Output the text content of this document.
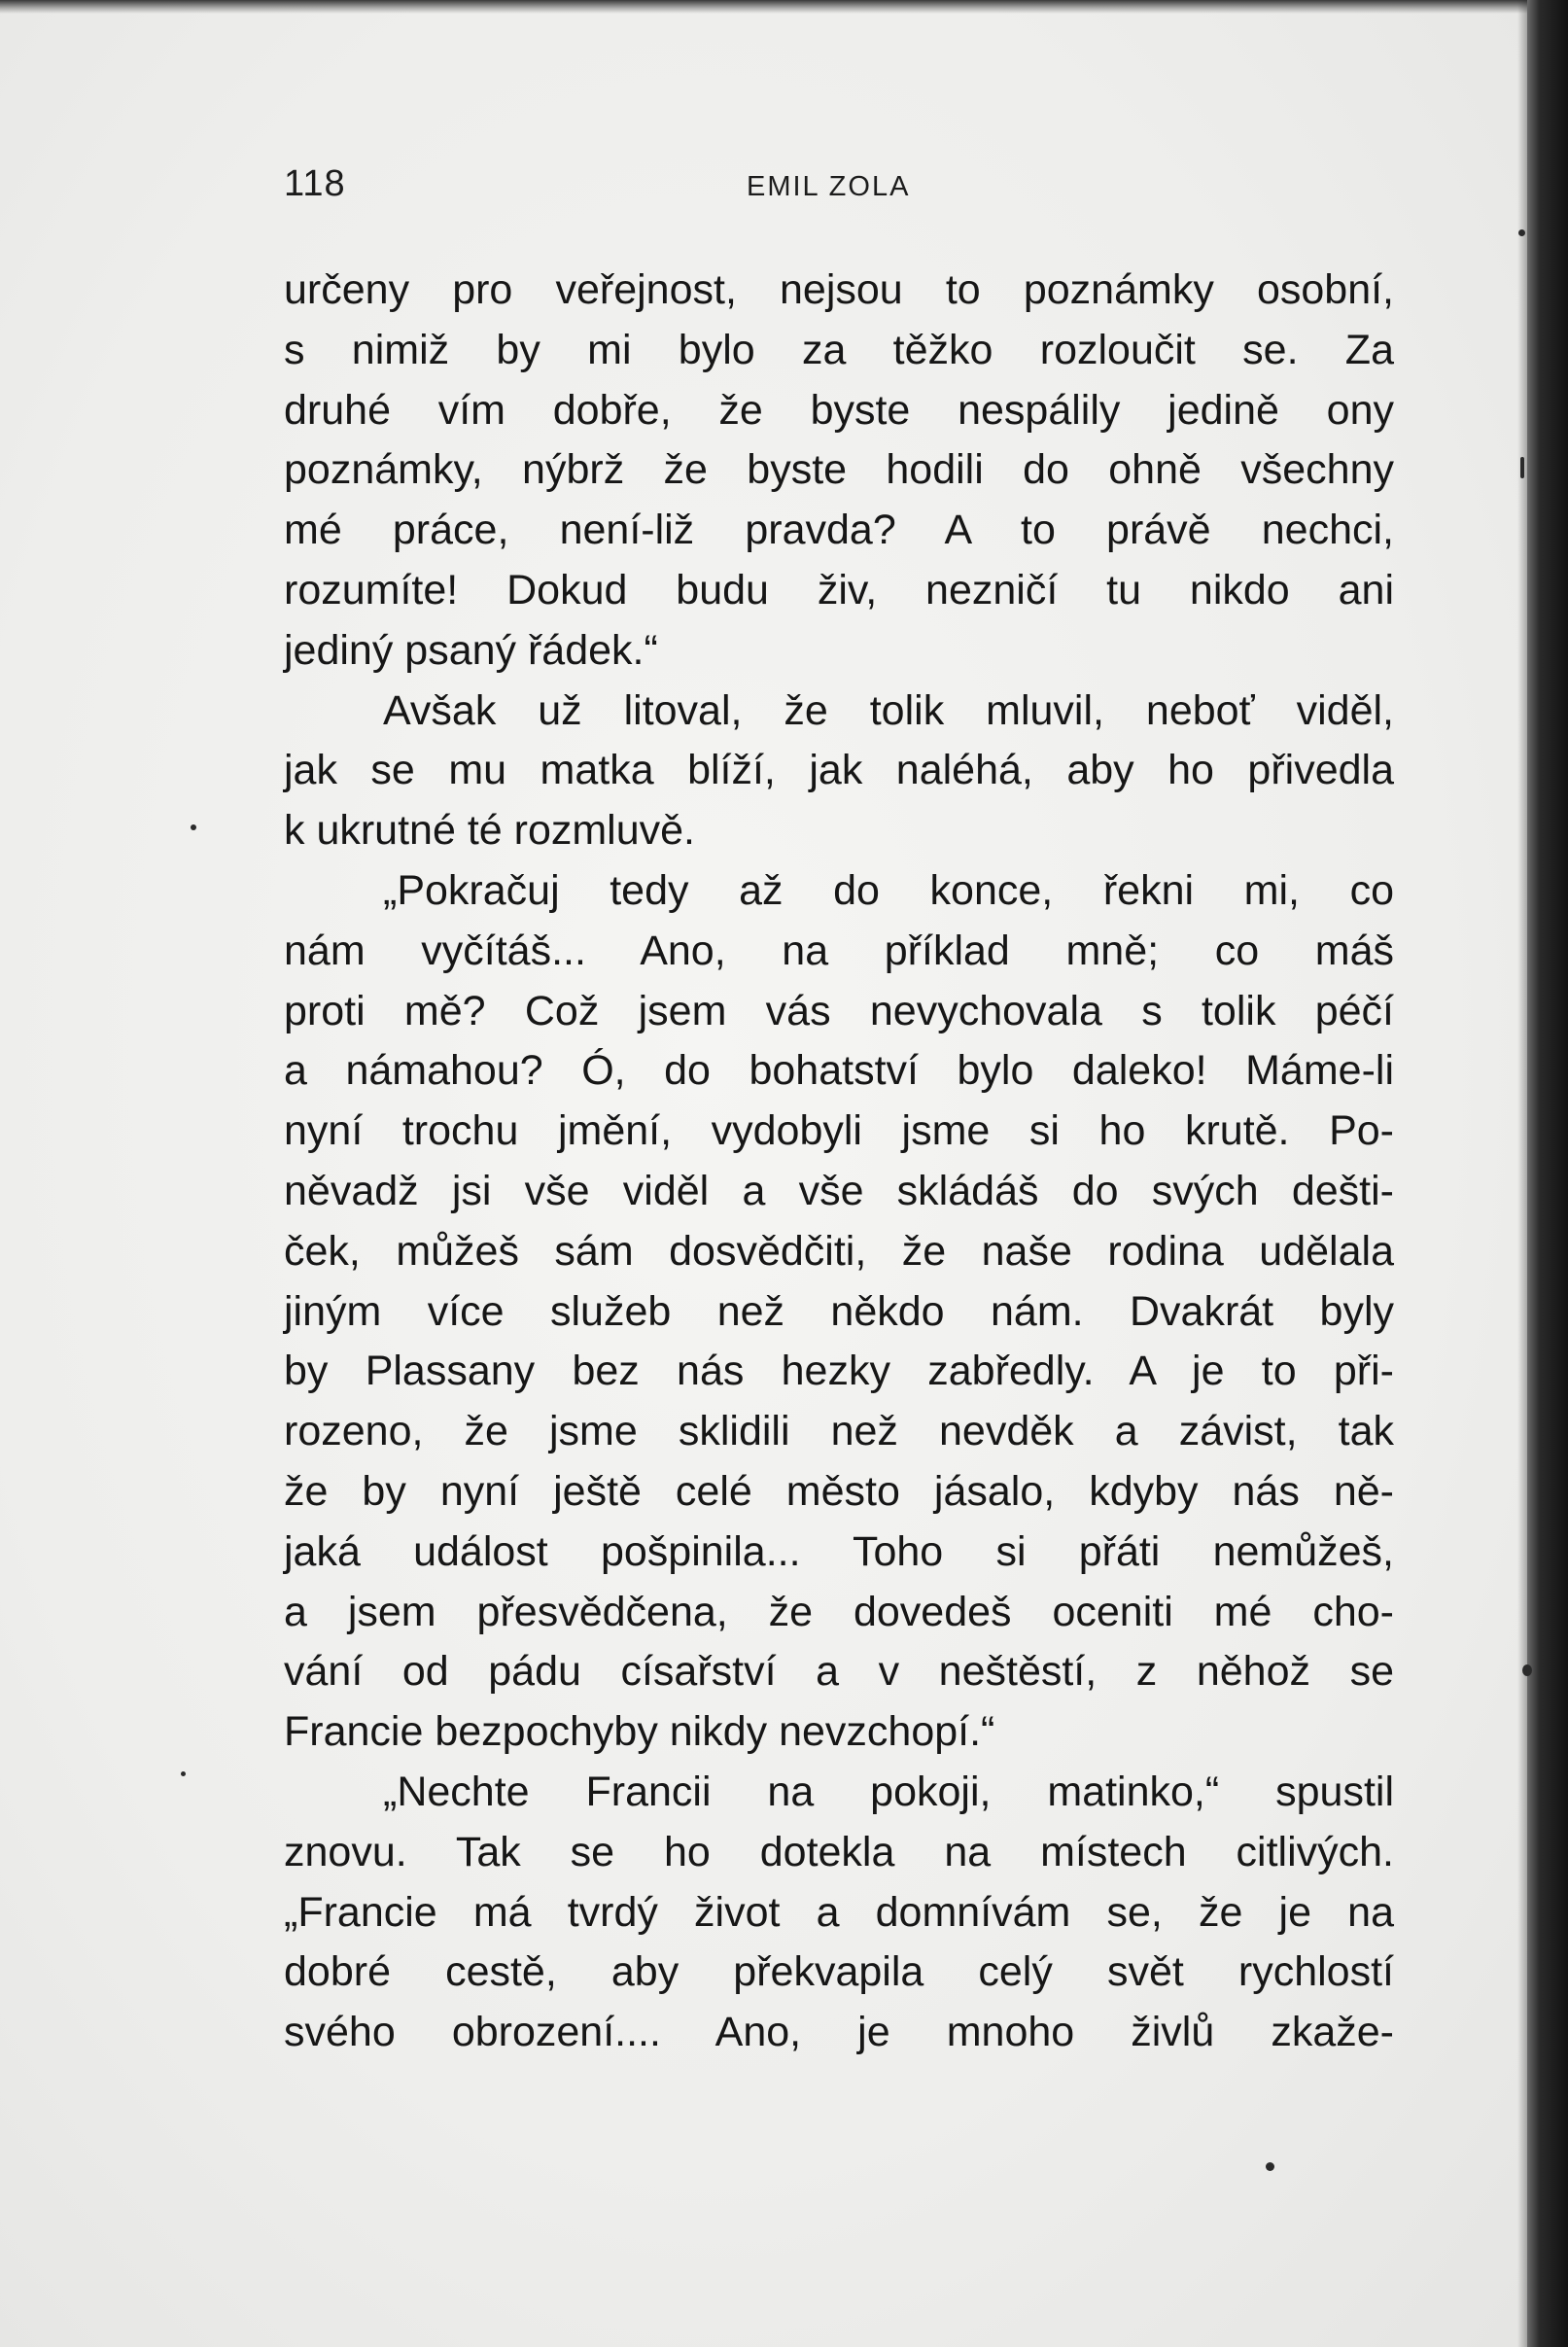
118	EMIL ZOLA
určeny pro veřejnost, nejsou to poznámky osobní,
s nimiž by mi bylo za těžko rozloučit se. Za
druhé vím dobře, že byste nespálily jedině ony
poznámky, nýbrž že byste hodili do ohně všechny
mé práce, není-liž pravda? A to právě nechci,
rozumíte! Dokud budu živ, nezničí tu nikdo ani
jediný psaný řádek.“
Avšak už litoval, že tolik mluvil, neboť viděl,
jak se mu matka blíží, jak naléhá, aby ho přivedla
k ukrutné té rozmluvě.
„Pokračuj tedy až do konce, řekni mi, co
nám vyčítáš... Ano, na příklad mně; co máš
proti mě? Což jsem vás nevychovala s tolik péčí
a námahou? Ó, do bohatství bylo daleko! Máme-li
nyní trochu jmění, vydobyli jsme si ho krutě. Po-
něvadž jsi vše viděl a vše skládáš do svých dešti-
ček, můžeš sám dosvědčiti, že naše rodina udělala
jiným více služeb než někdo nám. Dvakrát byly
by Plassany bez nás hezky zabředly. A je to při-
rozeno, že jsme sklidili než nevděk a závist, tak
že by nyní ještě celé město jásalo, kdyby nás ně-
jaká událost pošpinila... Toho si přáti nemůžeš,
a jsem přesvědčena, že dovedeš oceniti mé cho-
vání od pádu císařství a v neštěstí, z něhož se
Francie bezpochyby nikdy nevzchopí.“
„Nechte Francii na pokoji, matinko,“ spustil
znovu. Tak se ho dotekla na místech citlivých.
„Francie má tvrdý život a domnívám se, že je na
dobré cestě, aby překvapila celý svět rychlostí
svého obrození.... Ano, je mnoho živlů zkaže-
